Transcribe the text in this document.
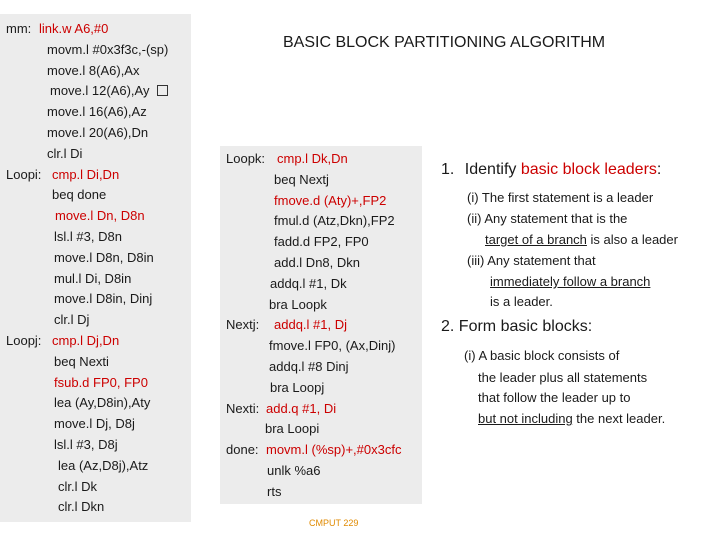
BASIC BLOCK PARTITIONING ALGORITHM
mm: link.w A6,#0
movm.l #0x3f3c,-(sp)
move.l 8(A6),Ax
move.l 12(A6),Ay
move.l 16(A6),Az
move.l 20(A6),Dn
clr.l Di
Loopi: cmp.l Di,Dn
beq done
move.l Dn, D8n
lsl.l #3, D8n
move.l D8n, D8in
mul.l Di, D8in
move.l D8in, Dinj
clr.l Dj
Loopj: cmp.l Dj,Dn
beq Nexti
fsub.d FP0, FP0
lea (Ay,D8in),Aty
move.l Dj, D8j
lsl.l #3, D8j
lea (Az,D8j),Atz
clr.l Dk
clr.l Dkn
Loopk: cmp.l Dk,Dn
beq Nextj
fmove.d (Aty)+,FP2
fmul.d (Atz,Dkn),FP2
fadd.d FP2, FP0
add.l Dn8, Dkn
addq.l #1, Dk
bra Loopk
Nextj: addq.l #1, Dj
fmove.l FP0, (Ax,Dinj)
addq.l #8 Dinj
bra Loopj
Nexti: add.q #1, Di
bra Loopi
done: movm.l (%sp)+,#0x3cfc
unlk %a6
rts
1. Identify basic block leaders:
(i) The first statement is a leader
(ii) Any statement that is the
target of a branch is also a leader
(iii) Any statement that
immediately follow a branch
is a leader.
2. Form basic blocks:
(i) A basic block consists of
the leader plus all statements
that follow the leader up to
but not including the next leader.
CMPUT 229
